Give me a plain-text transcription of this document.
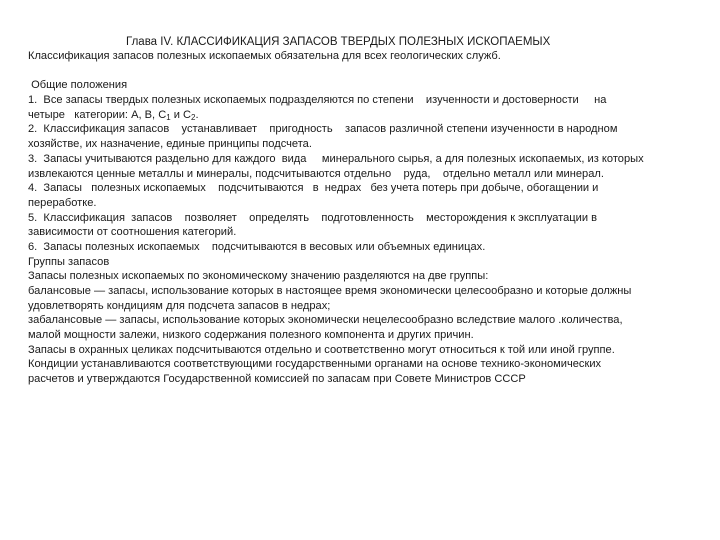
Глава IV. КЛАССИФИКАЦИЯ ЗАПАСОВ ТВЕРДЫХ ПОЛЕЗНЫХ ИСКОПАЕМЫХ
Классификация запасов полезных ископаемых обязательна для всех геологических служб.
Общие положения
1.  Все запасы твердых полезных ископаемых подразделяются по степени    изученности и достоверности     на
четыре   категории: А, В, $С_1$ и $С_2$.
2.  Классификация запасов    устанавливает    пригодность    запасов различной степени изученности в народном
хозяйстве, их назначение, единые принципы подсчета.
3.  Запасы учитываются раздельно для каждого  вида     минерального сырья, а для полезных ископаемых, из которых
извлекаются ценные металлы и минералы, подсчитываются отдельно    руда,    отдельно металл или минерал.
4.  Запасы   полезных ископаемых    подсчитываются   в  недрах   без учета потерь при добыче, обогащении и
переработке.
5.  Классификация  запасов    позволяет    определять    подготовленность    месторождения к эксплуатации в
зависимости от соотношения категорий.
6.  Запасы полезных ископаемых    подсчитываются в весовых или объемных единицах.
Группы запасов
Запасы полезных ископаемых по экономическому значению разделяются на две группы:
балансовые — запасы, использование которых в настоящее время экономически целесообразно и которые должны
удовлетворять кондициям для подсчета запасов в недрах;
забалансовые — запасы, использование которых экономически нецелесообразно вследствие малого .количества,
малой мощности залежи, низкого содержания полезного компонента и других причин.
Запасы в охранных целиках подсчитываются отдельно и соответственно могут относиться к той или иной группе.
Кондиции устанавливаются соответствующими государственными органами на основе технико-экономических
расчетов и утверждаются Государственной комиссией по запасам при Совете Министров СССР
